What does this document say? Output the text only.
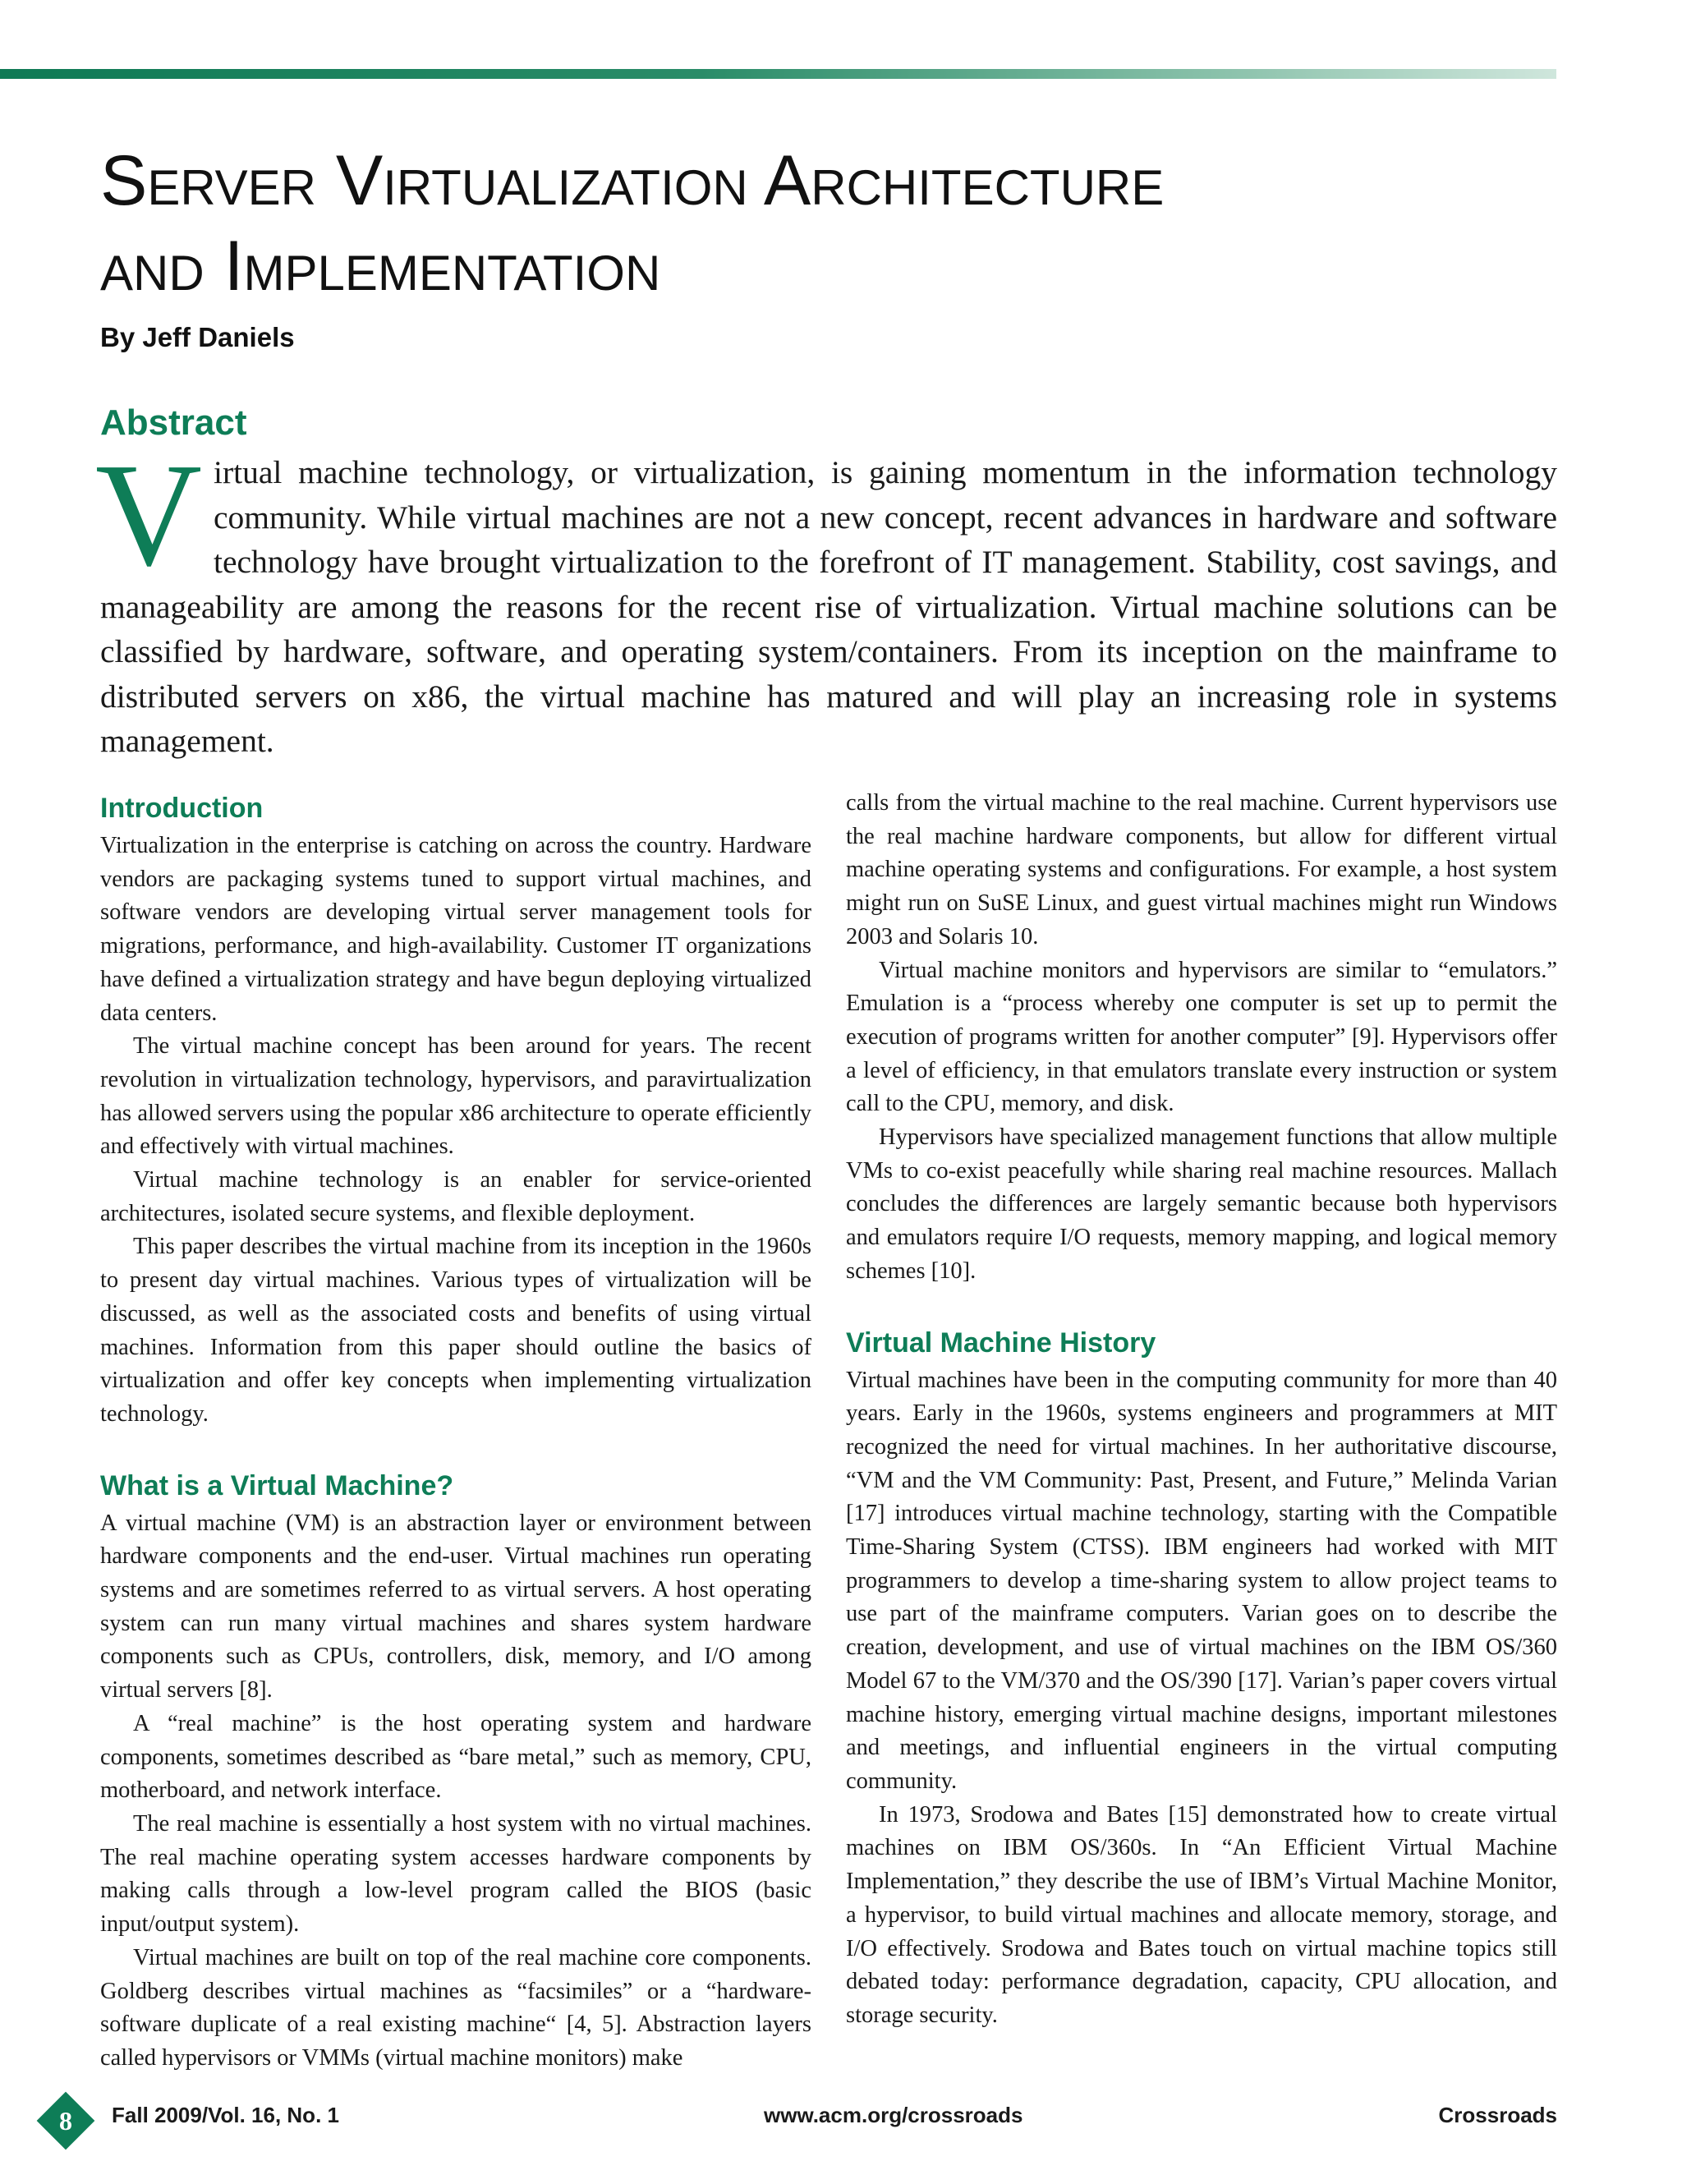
Server Virtualization Architecture
and Implementation
By Jeff Daniels
Abstract

Virtual machine technology, or virtualization, is gaining momentum in the information technology community. While virtual machines are not a new concept, recent advances in hardware and software technology have brought virtualization to the forefront of IT management. Stability, cost savings, and manageability are among the reasons for the recent rise of virtualization. Virtual machine solutions can be classified by hardware, software, and operating system/containers. From its inception on the mainframe to distributed servers on x86, the virtual machine has matured and will play an increasing role in systems management.

Introduction

Virtualization in the enterprise is catching on across the country. Hardware vendors are packaging systems tuned to support virtual machines, and software vendors are developing virtual server management tools for migrations, performance, and high-availability. Customer IT organizations have defined a virtualization strategy and have begun deploying virtualized data centers.

The virtual machine concept has been around for years. The recent revolution in virtualization technology, hypervisors, and paravirtualization has allowed servers using the popular x86 architecture to operate efficiently and effectively with virtual machines.

Virtual machine technology is an enabler for service-oriented architectures, isolated secure systems, and flexible deployment.

This paper describes the virtual machine from its inception in the 1960s to present day virtual machines. Various types of virtualization will be discussed, as well as the associated costs and benefits of using virtual machines. Information from this paper should outline the basics of virtualization and offer key concepts when implementing virtualization technology.

What is a Virtual Machine?

A virtual machine (VM) is an abstraction layer or environment between hardware components and the end-user. Virtual machines run operating systems and are sometimes referred to as virtual servers. A host operating system can run many virtual machines and shares system hardware components such as CPUs, controllers, disk, memory, and I/O among virtual servers [8].

A “real machine” is the host operating system and hardware components, sometimes described as “bare metal,” such as memory, CPU, motherboard, and network interface.

The real machine is essentially a host system with no virtual machines. The real machine operating system accesses hardware components by making calls through a low-level program called the BIOS (basic input/output system).

Virtual machines are built on top of the real machine core components. Goldberg describes virtual machines as “facsimiles” or a “hardware-software duplicate of a real existing machine“ [4, 5]. Abstraction layers called hypervisors or VMMs (virtual machine monitors) make

calls from the virtual machine to the real machine. Current hypervisors use the real machine hardware components, but allow for different virtual machine operating systems and configurations. For example, a host system might run on SuSE Linux, and guest virtual machines might run Windows 2003 and Solaris 10.

Virtual machine monitors and hypervisors are similar to “emulators.” Emulation is a “process whereby one computer is set up to permit the execution of programs written for another computer” [9]. Hypervisors offer a level of efficiency, in that emulators translate every instruction or system call to the CPU, memory, and disk.

Hypervisors have specialized management functions that allow multiple VMs to co-exist peacefully while sharing real machine resources. Mallach concludes the differences are largely semantic because both hypervisors and emulators require I/O requests, memory mapping, and logical memory schemes [10].

Virtual Machine History

Virtual machines have been in the computing community for more than 40 years. Early in the 1960s, systems engineers and programmers at MIT recognized the need for virtual machines. In her authoritative discourse, “VM and the VM Community: Past, Present, and Future,” Melinda Varian [17] introduces virtual machine technology, starting with the Compatible Time-Sharing System (CTSS). IBM engineers had worked with MIT programmers to develop a time-sharing system to allow project teams to use part of the mainframe computers. Varian goes on to describe the creation, development, and use of virtual machines on the IBM OS/360 Model 67 to the VM/370 and the OS/390 [17]. Varian’s paper covers virtual machine history, emerging virtual machine designs, important milestones and meetings, and influential engineers in the virtual computing community.

In 1973, Srodowa and Bates [15] demonstrated how to create virtual machines on IBM OS/360s. In “An Efficient Virtual Machine Implementation,” they describe the use of IBM’s Virtual Machine Monitor, a hypervisor, to build virtual machines and allocate memory, storage, and I/O effectively. Srodowa and Bates touch on virtual machine topics still debated today: performance degradation, capacity, CPU allocation, and storage security.

8	Fall 2009/Vol. 16, No. 1	www.acm.org/crossroads	Crossroads
